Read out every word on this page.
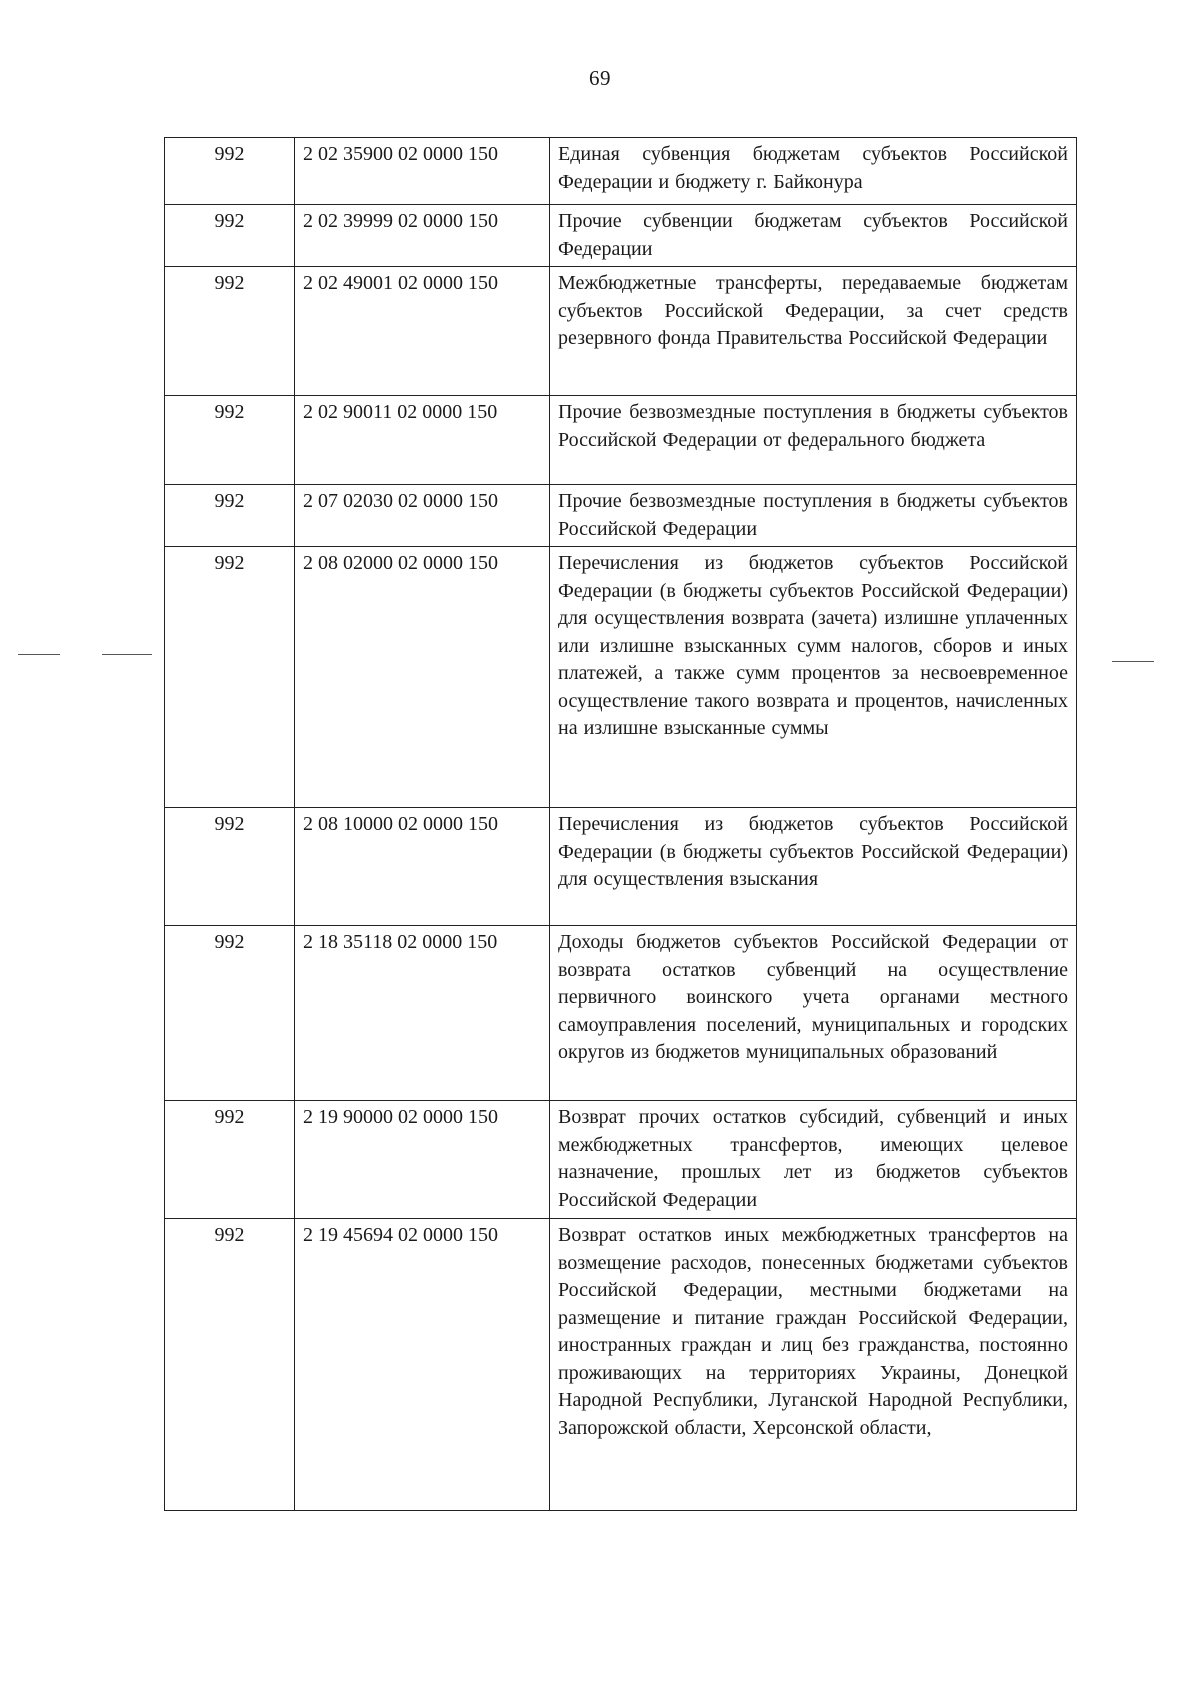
69
992	2 02 35900 02 0000 150	Единая субвенция бюджетам субъектов Российской Федерации и бюджету г. Байконура
992	2 02 39999 02 0000 150	Прочие субвенции бюджетам субъектов Российской Федерации
992	2 02 49001 02 0000 150	Межбюджетные трансферты, передаваемые бюджетам субъектов Российской Федерации, за счет средств резервного фонда Правительства Российской Федерации
992	2 02 90011 02 0000 150	Прочие безвозмездные поступления в бюджеты субъектов Российской Федерации от федерального бюджета
992	2 07 02030 02 0000 150	Прочие безвозмездные поступления в бюджеты субъектов Российской Федерации
992	2 08 02000 02 0000 150	Перечисления из бюджетов субъектов Российской Федерации (в бюджеты субъектов Российской Федерации) для осуществления возврата (зачета) излишне уплаченных или излишне взысканных сумм налогов, сборов и иных платежей, а также сумм процентов за несвоевременное осуществление такого возврата и процентов, начисленных на излишне взысканные суммы
992	2 08 10000 02 0000 150	Перечисления из бюджетов субъектов Российской Федерации (в бюджеты субъектов Российской Федерации) для осуществления взыскания
992	2 18 35118 02 0000 150	Доходы бюджетов субъектов Российской Федерации от возврата остатков субвенций на осуществление первичного воинского учета органами местного самоуправления поселений, муниципальных и городских округов из бюджетов муниципальных образований
992	2 19 90000 02 0000 150	Возврат прочих остатков субсидий, субвенций и иных межбюджетных трансфертов, имеющих целевое назначение, прошлых лет из бюджетов субъектов Российской Федерации
992	2 19 45694 02 0000 150	Возврат остатков иных межбюджетных трансфертов на возмещение расходов, понесенных бюджетами субъектов Российской Федерации, местными бюджетами на размещение и питание граждан Российской Федерации, иностранных граждан и лиц без гражданства, постоянно проживающих на территориях Украины, Донецкой Народной Республики, Луганской Народной Республики, Запорожской области, Херсонской области,
